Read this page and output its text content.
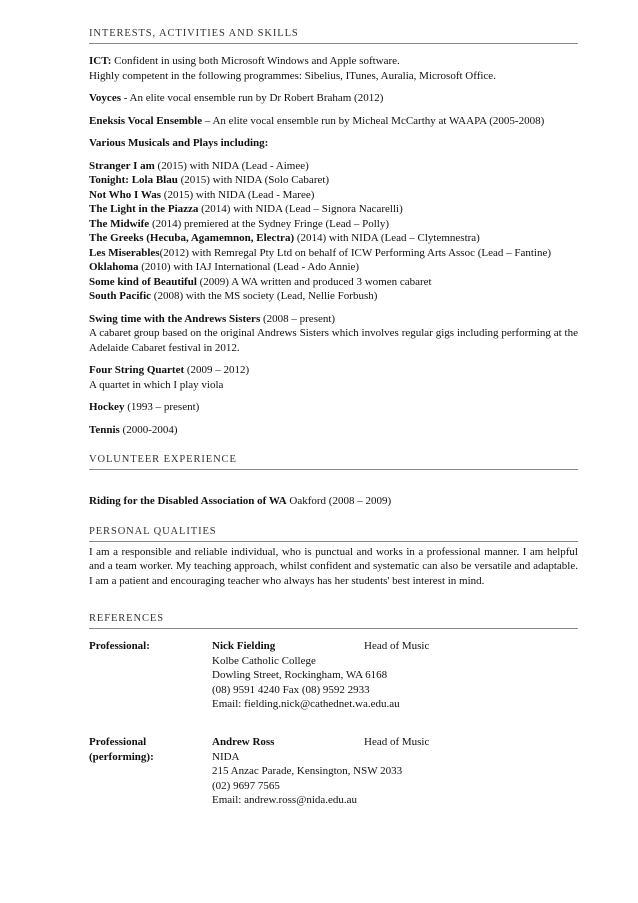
INTERESTS, ACTIVITIES AND SKILLS

ICT: Confident in using both Microsoft Windows and Apple software.

Highly competent in the following programmes: Sibelius, ITunes, Auralia, Microsoft Office.

Voyces - An elite vocal ensemble run by Dr Robert Braham (2012)

Eneksis Vocal Ensemble – An elite vocal ensemble run by Micheal McCarthy at WAAPA (2005-2008)

Various Musicals and Plays including:

Stranger I am (2015) with NIDA (Lead - Aimee)

Tonight: Lola Blau (2015) with NIDA (Solo Cabaret)

Not Who I Was (2015) with NIDA (Lead - Maree)

The Light in the Piazza (2014) with NIDA (Lead – Signora Nacarelli)

The Midwife (2014) premiered at the Sydney Fringe (Lead – Polly)

The Greeks (Hecuba, Agamemnon, Electra) (2014) with NIDA (Lead – Clytemnestra)

Les Miserables(2012) with Remregal Pty Ltd on behalf of ICW Performing Arts Assoc (Lead – Fantine)

Oklahoma (2010) with IAJ International (Lead - Ado Annie)

Some kind of Beautiful (2009) A WA written and produced 3 women cabaret

South Pacific (2008) with the MS society (Lead, Nellie Forbush)

Swing time with the Andrews Sisters (2008 – present)

A cabaret group based on the original Andrews Sisters which involves regular gigs including performing at the Adelaide Cabaret festival in 2012.

Four String Quartet (2009 – 2012)

A quartet in which I play viola

Hockey (1993 – present)

Tennis (2000-2004)

VOLUNTEER EXPERIENCE

Riding for the Disabled Association of WA Oakford (2008 – 2009)

PERSONAL QUALITIES

I am a responsible and reliable individual, who is punctual and works in a professional manner. I am helpful and a team worker. My teaching approach, whilst confident and systematic can also be versatile and adaptable. I am a patient and encouraging teacher who always has her students' best interest in mind.

REFERENCES
Professional:	Nick Fielding	Head of Music
Kolbe Catholic College
Dowling Street, Rockingham, WA 6168
(08) 9591 4240 Fax (08) 9592 2933
Email: fielding.nick@cathednet.wa.edu.au
Professional
(performing):
Andrew Ross	Head of Music
NIDA
215 Anzac Parade, Kensington, NSW 2033
(02) 9697 7565
Email: andrew.ross@nida.edu.au
